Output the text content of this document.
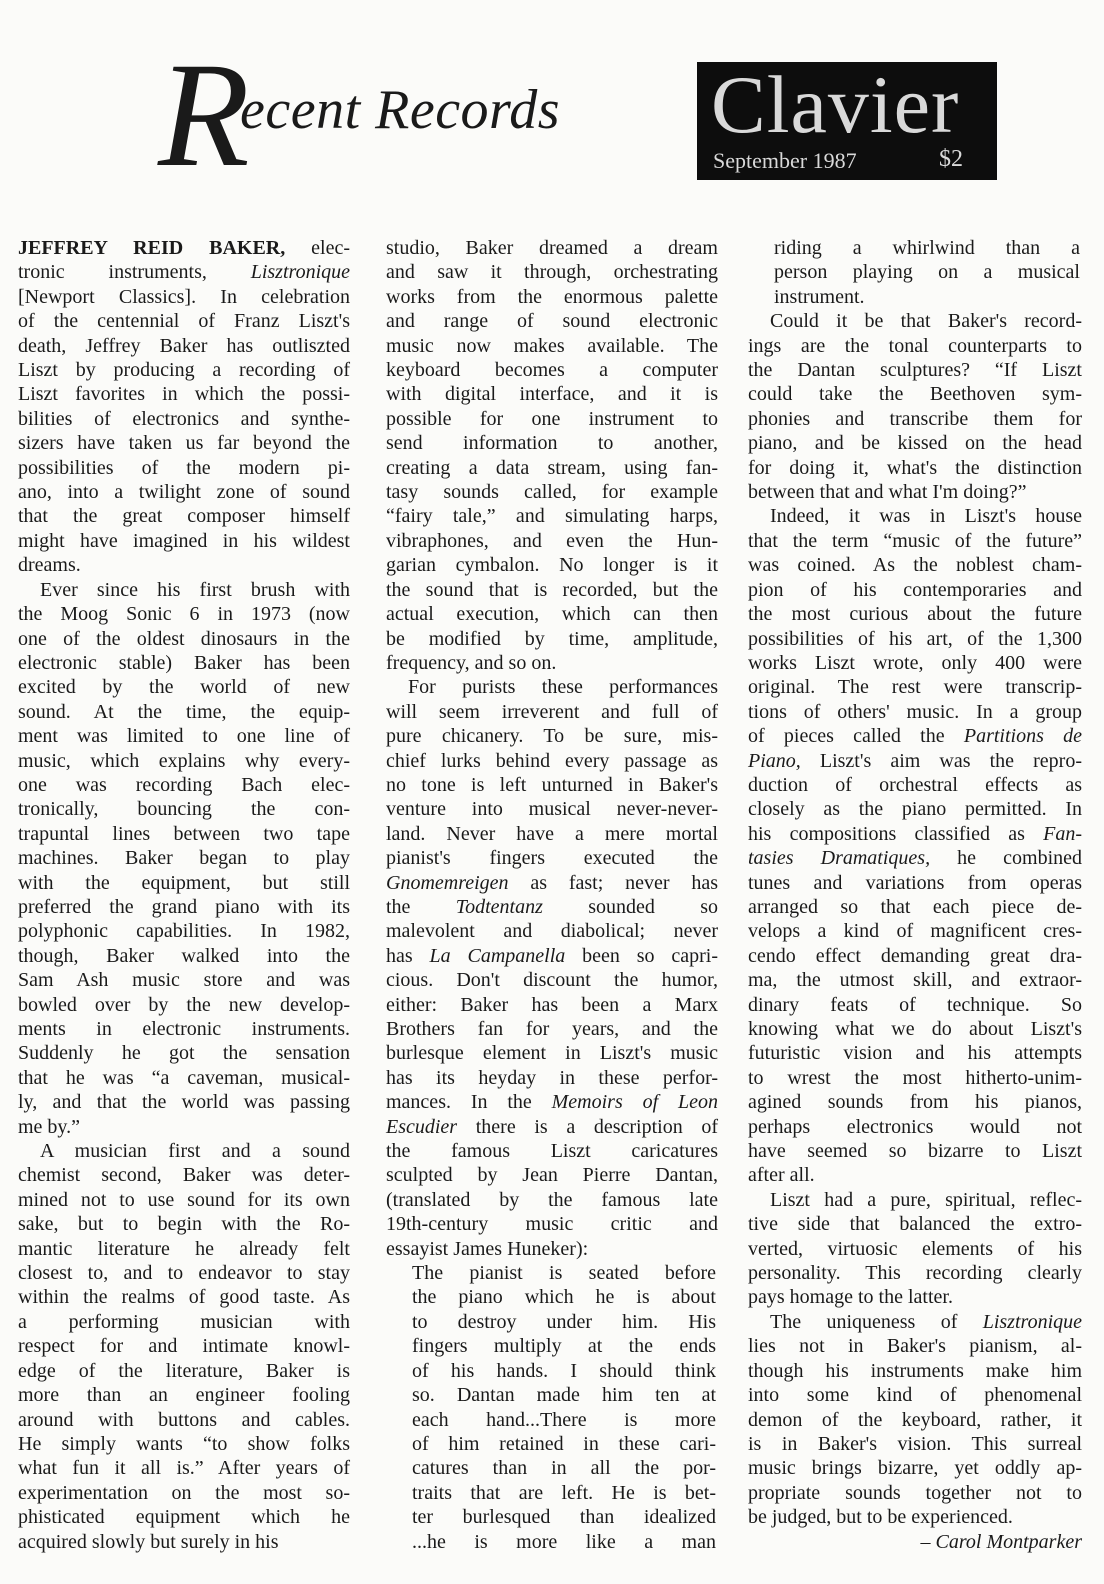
R
ecent Records Clavier
September 1987	$2
JEFFREY REID BAKER, elec-
tronic instruments, Lisztronique
[Newport Classics]. In celebration
of the centennial of Franz Liszt's
death, Jeffrey Baker has outliszted
Liszt by producing a recording of
Liszt favorites in which the possi-
bilities of electronics and synthe-
sizers have taken us far beyond the
possibilities of the modern pi-
ano, into a twilight zone of sound
that the great composer himself
might have imagined in his wildest
dreams.
Ever since his first brush with
the Moog Sonic 6 in 1973 (now
one of the oldest dinosaurs in the
electronic stable) Baker has been
excited by the world of new
sound. At the time, the equip-
ment was limited to one line of
music, which explains why every-
one was recording Bach elec-
tronically, bouncing the con-
trapuntal lines between two tape
machines. Baker began to play
with the equipment, but still
preferred the grand piano with its
polyphonic capabilities. In 1982,
though, Baker walked into the
Sam Ash music store and was
bowled over by the new develop-
ments in electronic instruments.
Suddenly he got the sensation
that he was “a caveman, musical-
ly, and that the world was passing
me by.”
A musician first and a sound
chemist second, Baker was deter-
mined not to use sound for its own
sake, but to begin with the Ro-
mantic literature he already felt
closest to, and to endeavor to stay
within the realms of good taste. As
a performing musician with
respect for and intimate knowl-
edge of the literature, Baker is
more than an engineer fooling
around with buttons and cables.
He simply wants “to show folks
what fun it all is.” After years of
experimentation on the most so-
phisticated equipment which he
acquired slowly but surely in his
studio, Baker dreamed a dream
and saw it through, orchestrating
works from the enormous palette
and range of sound electronic
music now makes available. The
keyboard becomes a computer
with digital interface, and it is
possible for one instrument to
send information to another,
creating a data stream, using fan-
tasy sounds called, for example
“fairy tale,” and simulating harps,
vibraphones, and even the Hun-
garian cymbalon. No longer is it
the sound that is recorded, but the
actual execution, which can then
be modified by time, amplitude,
frequency, and so on.
For purists these performances
will seem irreverent and full of
pure chicanery. To be sure, mis-
chief lurks behind every passage as
no tone is left unturned in Baker's
venture into musical never-never-
land. Never have a mere mortal
pianist's fingers executed the
Gnomemreigen as fast; never has
the Todtentanz sounded so
malevolent and diabolical; never
has La Campanella been so capri-
cious. Don't discount the humor,
either: Baker has been a Marx
Brothers fan for years, and the
burlesque element in Liszt's music
has its heyday in these perfor-
mances. In the Memoirs of Leon
Escudier there is a description of
the famous Liszt caricatures
sculpted by Jean Pierre Dantan,
(translated by the famous late
19th-century music critic and
essayist James Huneker):
The pianist is seated before
the piano which he is about
to destroy under him. His
fingers multiply at the ends
of his hands. I should think
so. Dantan made him ten at
each hand...There is more
of him retained in these cari-
catures than in all the por-
traits that are left. He is bet-
ter burlesqued than idealized
...he is more like a man
riding a whirlwind than a
person playing on a musical
instrument.
Could it be that Baker's record-
ings are the tonal counterparts to
the Dantan sculptures? “If Liszt
could take the Beethoven sym-
phonies and transcribe them for
piano, and be kissed on the head
for doing it, what's the distinction
between that and what I'm doing?”
Indeed, it was in Liszt's house
that the term “music of the future”
was coined. As the noblest cham-
pion of his contemporaries and
the most curious about the future
possibilities of his art, of the 1,300
works Liszt wrote, only 400 were
original. The rest were transcrip-
tions of others' music. In a group
of pieces called the Partitions de
Piano, Liszt's aim was the repro-
duction of orchestral effects as
closely as the piano permitted. In
his compositions classified as Fan-
tasies Dramatiques, he combined
tunes and variations from operas
arranged so that each piece de-
velops a kind of magnificent cres-
cendo effect demanding great dra-
ma, the utmost skill, and extraor-
dinary feats of technique. So
knowing what we do about Liszt's
futuristic vision and his attempts
to wrest the most hitherto-unim-
agined sounds from his pianos,
perhaps electronics would not
have seemed so bizarre to Liszt
after all.
Liszt had a pure, spiritual, reflec-
tive side that balanced the extro-
verted, virtuosic elements of his
personality. This recording clearly
pays homage to the latter.
The uniqueness of Lisztronique
lies not in Baker's pianism, al-
though his instruments make him
into some kind of phenomenal
demon of the keyboard, rather, it
is in Baker's vision. This surreal
music brings bizarre, yet oddly ap-
propriate sounds together not to
be judged, but to be experienced.
– Carol Montparker
